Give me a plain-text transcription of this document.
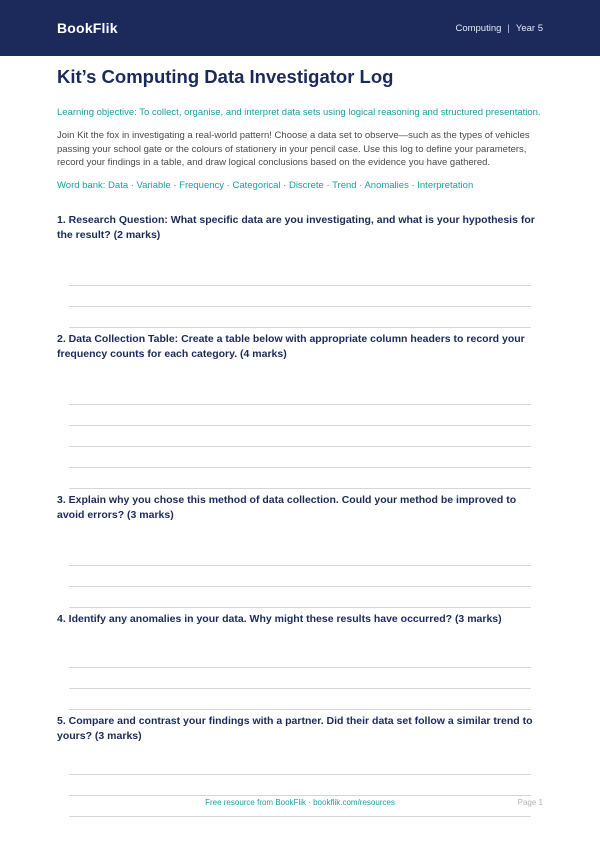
BookFlik	Computing | Year 5
Kit’s Computing Data Investigator Log
Learning objective: To collect, organise, and interpret data sets using logical reasoning and structured presentation.
Join Kit the fox in investigating a real-world pattern! Choose a data set to observe—such as the types of vehicles passing your school gate or the colours of stationery in your pencil case. Use this log to define your parameters, record your findings in a table, and draw logical conclusions based on the evidence you have gathered.
Word bank: Data · Variable · Frequency · Categorical · Discrete · Trend · Anomalies · Interpretation
1. Research Question: What specific data are you investigating, and what is your hypothesis for the result? (2 marks)
2. Data Collection Table: Create a table below with appropriate column headers to record your frequency counts for each category. (4 marks)
3. Explain why you chose this method of data collection. Could your method be improved to avoid errors? (3 marks)
4. Identify any anomalies in your data. Why might these results have occurred? (3 marks)
5. Compare and contrast your findings with a partner. Did their data set follow a similar trend to yours? (3 marks)
Free resource from BookFlik · bookflik.com/resources	Page 1
